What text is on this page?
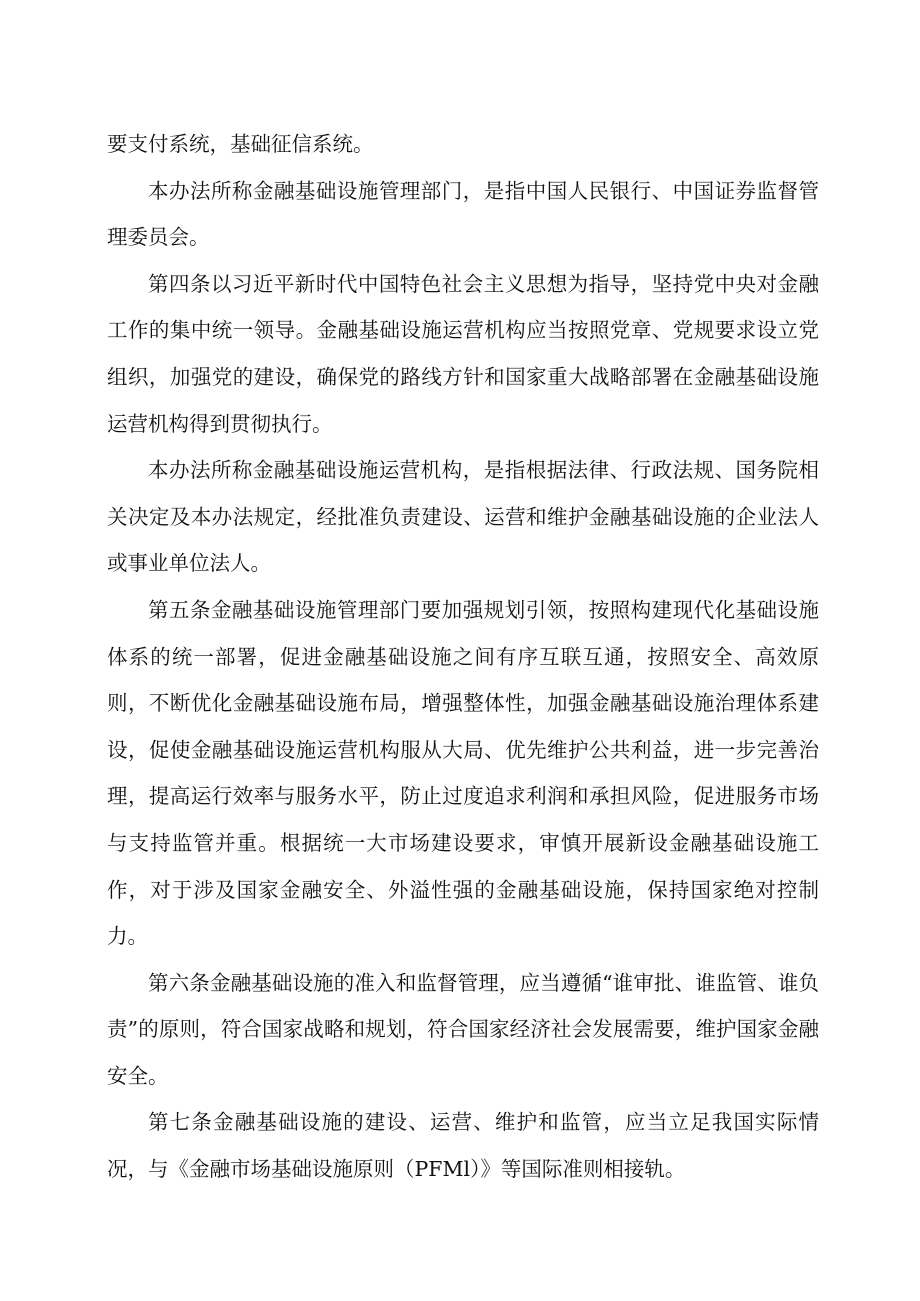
要支付系统，基础征信系统。

本办法所称金融基础设施管理部门，是指中国人民银行、中国证券监督管理委员会。

第四条以习近平新时代中国特色社会主义思想为指导，坚持党中央对金融工作的集中统一领导。金融基础设施运营机构应当按照党章、党规要求设立党组织，加强党的建设，确保党的路线方针和国家重大战略部署在金融基础设施运营机构得到贯彻执行。

本办法所称金融基础设施运营机构，是指根据法律、行政法规、国务院相关决定及本办法规定，经批准负责建设、运营和维护金融基础设施的企业法人或事业单位法人。

第五条金融基础设施管理部门要加强规划引领，按照构建现代化基础设施体系的统一部署，促进金融基础设施之间有序互联互通，按照安全、高效原则，不断优化金融基础设施布局，增强整体性，加强金融基础设施治理体系建设，促使金融基础设施运营机构服从大局、优先维护公共利益，进一步完善治理，提高运行效率与服务水平，防止过度追求利润和承担风险，促进服务市场与支持监管并重。根据统一大市场建设要求，审慎开展新设金融基础设施工作，对于涉及国家金融安全、外溢性强的金融基础设施，保持国家绝对控制力。

第六条金融基础设施的准入和监督管理，应当遵循“谁审批、谁监管、谁负责”的原则，符合国家战略和规划，符合国家经济社会发展需要，维护国家金融安全。

第七条金融基础设施的建设、运营、维护和监管，应当立足我国实际情况，与《金融市场基础设施原则（PFMl）》等国际准则相接轨。
